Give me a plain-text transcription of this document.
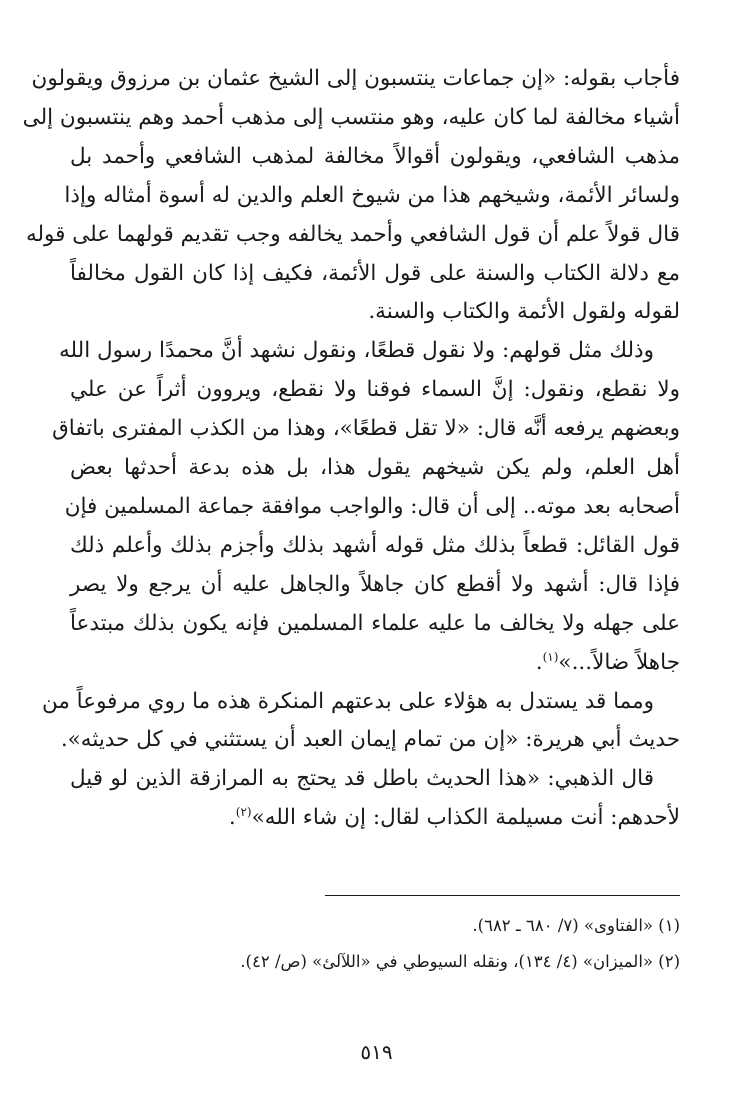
فأجاب بقوله: «إن جماعات ينتسبون إلى الشيخ عثمان بن مرزوق ويقولون
أشياء مخالفة لما كان عليه، وهو منتسب إلى مذهب أحمد وهم ينتسبون إلى
مذهب الشافعي، ويقولون أقوالاً مخالفة لمذهب الشافعي وأحمد بل
ولسائر الأئمة، وشيخهم هذا من شيوخ العلم والدين له أسوة أمثاله وإذا
قال قولاً علم أن قول الشافعي وأحمد يخالفه وجب تقديم قولهما على قوله
مع دلالة الكتاب والسنة على قول الأئمة، فكيف إذا كان القول مخالفاً
لقوله ولقول الأئمة والكتاب والسنة.

وذلك مثل قولهم: ولا نقول قطعًا، ونقول نشهد أنَّ محمدًا رسول الله
ولا نقطع، ونقول: إنَّ السماء فوقنا ولا نقطع، ويروون أثراً عن علي
وبعضهم يرفعه أنَّه قال: «لا تقل قطعًا»، وهذا من الكذب المفترى باتفاق
أهل العلم، ولم يكن شيخهم يقول هذا، بل هذه بدعة أحدثها بعض
أصحابه بعد موته.. إلى أن قال: والواجب موافقة جماعة المسلمين فإن
قول القائل: قطعاً بذلك مثل قوله أشهد بذلك وأجزم بذلك وأعلم ذلك
فإذا قال: أشهد ولا أقطع كان جاهلاً والجاهل عليه أن يرجع ولا يصر
على جهله ولا يخالف ما عليه علماء المسلمين فإنه يكون بذلك مبتدعاً
جاهلاً ضالاً...»$^{(١)}$.

ومما قد يستدل به هؤلاء على بدعتهم المنكرة هذه ما روي مرفوعاً من
حديث أبي هريرة: «إن من تمام إيمان العبد أن يستثني في كل حديثه».

قال الذهبي: «هذا الحديث باطل قد يحتج به المرازقة الذين لو قيل
لأحدهم: أنت مسيلمة الكذاب لقال: إن شاء الله»$^{(٢)}$.

(١) «الفتاوى» (٧/ ٦٨٠ ـ ٦٨٢).
(٢) «الميزان» (٤/ ١٣٤)، ونقله السيوطي في «اللآلئ» (ص/ ٤٢).
٥١٩
